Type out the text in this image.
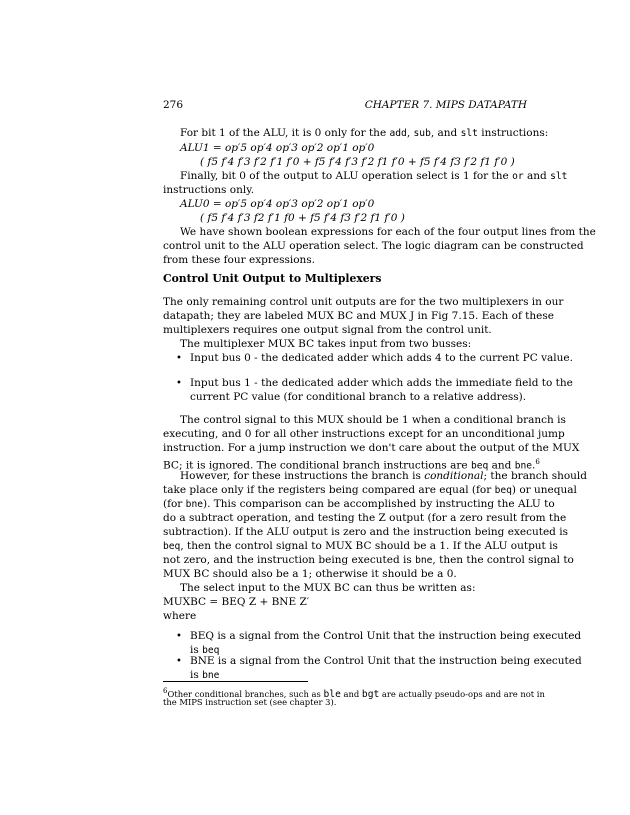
276	CHAPTER 7. MIPS DATAPATH
For bit 1 of the ALU, it is 0 only for the add, sub, and slt instructions:
ALU1 = op′5 op′4 op′3 op′2 op′1 op′0
( f5 f′4 f′3 f′2 f′1 f′0 + f5 f′4 f′3 f′2 f1 f′0 + f5 f′4 f3 f′2 f1 f′0 )
Finally, bit 0 of the output to ALU operation select is 1 for the or and slt
instructions only.
ALU0 = op′5 op′4 op′3 op′2 op′1 op′0
( f5 f′4 f′3 f2 f′1 f0 + f5 f′4 f3 f′2 f1 f′0 )
We have shown boolean expressions for each of the four output lines from the
control unit to the ALU operation select. The logic diagram can be constructed
from these four expressions.
Control Unit Output to Multiplexers
The only remaining control unit outputs are for the two multiplexers in our
datapath; they are labeled MUX BC and MUX J in Fig 7.15. Each of these
multiplexers requires one output signal from the control unit.
The multiplexer MUX BC takes input from two busses:
• Input bus 0 - the dedicated adder which adds 4 to the current PC value.
• Input bus 1 - the dedicated adder which adds the immediate field to the
current PC value (for conditional branch to a relative address).
The control signal to this MUX should be 1 when a conditional branch is
executing, and 0 for all other instructions except for an unconditional jump
instruction. For a jump instruction we don't care about the output of the MUX
BC; it is ignored. The conditional branch instructions are beq and bne.$^6$
However, for these instructions the branch is conditional; the branch should
take place only if the registers being compared are equal (for beq) or unequal
(for bne). This comparison can be accomplished by instructing the ALU to
do a subtract operation, and testing the Z output (for a zero result from the
subtraction). If the ALU output is zero and the instruction being executed is
beq, then the control signal to MUX BC should be a 1. If the ALU output is
not zero, and the instruction being executed is bne, then the control signal to
MUX BC should also be a 1; otherwise it should be a 0.
The select input to the MUX BC can thus be written as:
MUXBC = BEQ Z + BNE Z′
where
• BEQ is a signal from the Control Unit that the instruction being executed
is beq
• BNE is a signal from the Control Unit that the instruction being executed
is bne
$^6$Other conditional branches, such as ble and bgt are actually pseudo-ops and are not in
the MIPS instruction set (see chapter 3).
